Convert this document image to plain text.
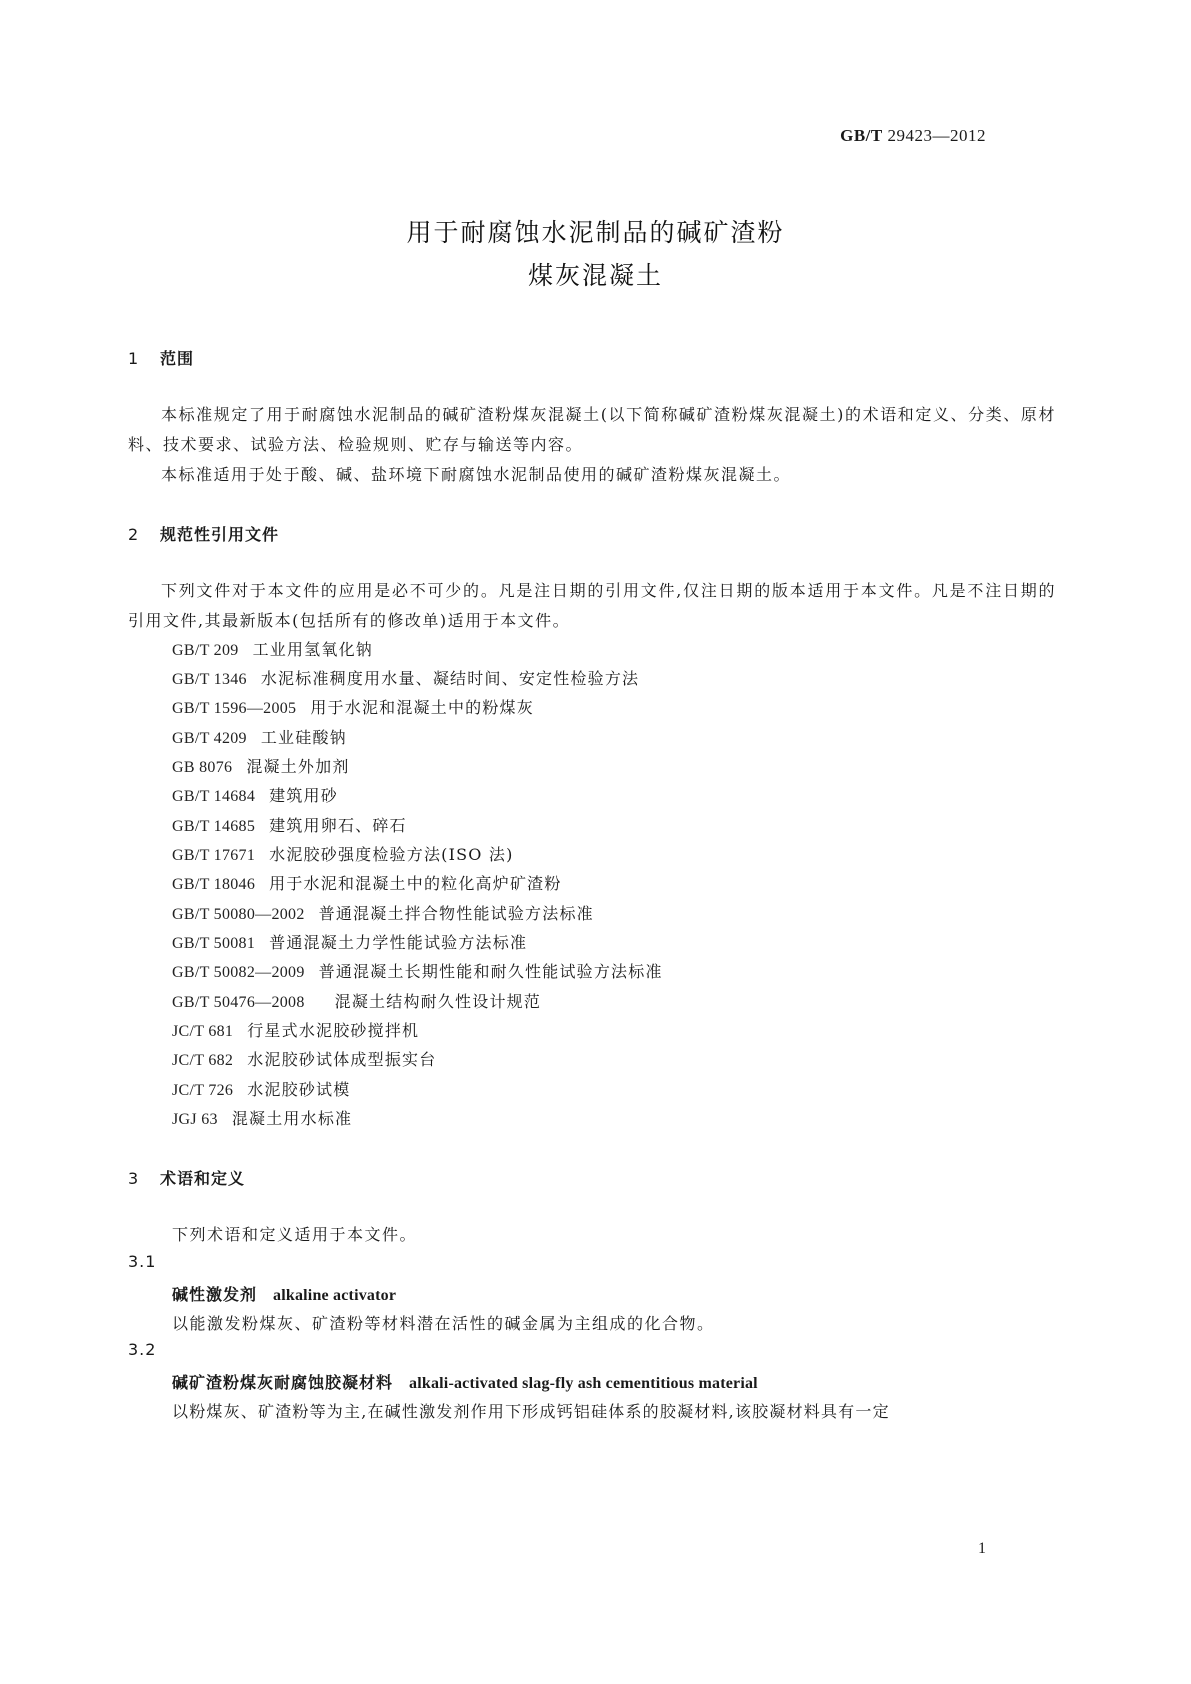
GB/T 29423—2012
用于耐腐蚀水泥制品的碱矿渣粉
煤灰混凝土
1 范围
本标准规定了用于耐腐蚀水泥制品的碱矿渣粉煤灰混凝土(以下简称碱矿渣粉煤灰混凝土)的术语和定义、分类、原材料、技术要求、试验方法、检验规则、贮存与输送等内容。
本标准适用于处于酸、碱、盐环境下耐腐蚀水泥制品使用的碱矿渣粉煤灰混凝土。
2 规范性引用文件
下列文件对于本文件的应用是必不可少的。凡是注日期的引用文件,仅注日期的版本适用于本文件。凡是不注日期的引用文件,其最新版本(包括所有的修改单)适用于本文件。
GB/T 209 工业用氢氧化钠
GB/T 1346 水泥标准稠度用水量、凝结时间、安定性检验方法
GB/T 1596—2005 用于水泥和混凝土中的粉煤灰
GB/T 4209 工业硅酸钠
GB 8076 混凝土外加剂
GB/T 14684 建筑用砂
GB/T 14685 建筑用卵石、碎石
GB/T 17671 水泥胶砂强度检验方法(ISO 法)
GB/T 18046 用于水泥和混凝土中的粒化高炉矿渣粉
GB/T 50080—2002 普通混凝土拌合物性能试验方法标准
GB/T 50081 普通混凝土力学性能试验方法标准
GB/T 50082—2009 普通混凝土长期性能和耐久性能试验方法标准
GB/T 50476—2008 混凝土结构耐久性设计规范
JC/T 681 行星式水泥胶砂搅拌机
JC/T 682 水泥胶砂试体成型振实台
JC/T 726 水泥胶砂试模
JGJ 63 混凝土用水标准
3 术语和定义
下列术语和定义适用于本文件。
3.1
碱性激发剂 alkaline activator
以能激发粉煤灰、矿渣粉等材料潜在活性的碱金属为主组成的化合物。
3.2
碱矿渣粉煤灰耐腐蚀胶凝材料 alkali-activated slag-fly ash cementitious material
以粉煤灰、矿渣粉等为主,在碱性激发剂作用下形成钙铝硅体系的胶凝材料,该胶凝材料具有一定
1
